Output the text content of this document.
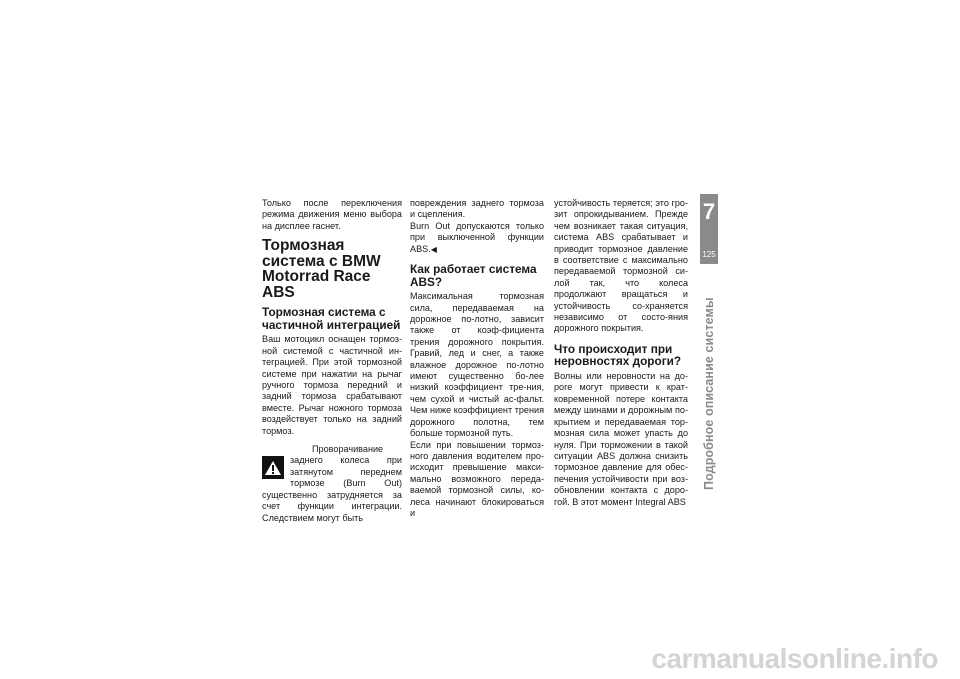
Только после переключения режима движения меню выбора на дисплее гаснет.

Тормозная система с BMW Motorrad Race ABS
Тормозная система с частичной интеграцией

Ваш мотоцикл оснащен тормоз-ной системой с частичной ин-теграцией. При этой тормозной системе при нажатии на рычаг ручного тормоза передний и задний тормоза срабатывают вместе. Рычаг ножного тормоза воздействует только на задний тормоз.

Проворачивание заднего колеса при затянутом переднем тормозе (Burn Out) существенно затрудняется за счет функции интеграции. Следствием могут быть

повреждения заднего тормоза и сцепления.

Burn Out допускаются только при выключенной функции ABS.◀

Как работает система ABS?

Максимальная тормозная сила, передаваемая на дорожное по-лотно, зависит также от коэф-фициента трения дорожного покрытия. Гравий, лед и снег, а также влажное дорожное по-лотно имеют существенно бо-лее низкий коэффициент тре-ния, чем сухой и чистый ас-фальт. Чем ниже коэффициент трения дорожного полотна, тем больше тормозной путь.

Если при повышении тормоз-ного давления водителем про-исходит превышение макси-мально возможного переда-ваемой тормозной силы, ко-леса начинают блокироваться и

устойчивость теряется; это гро-зит опрокидыванием. Прежде чем возникает такая ситуация, система ABS срабатывает и приводит тормозное давление в соответствие с максимально передаваемой тормозной си-лой так, что колеса продолжают вращаться и устойчивость со-храняется независимо от состо-яния дорожного покрытия.

Что происходит при неровностях дороги?

Волны или неровности на до-роге могут привести к крат-ковременной потере контакта между шинами и дорожным по-крытием и передаваемая тор-мозная сила может упасть до нуля. При торможении в такой ситуации ABS должна снизить тормозное давление для обес-печения устойчивости при воз-обновлении контакта с доро-гой. В этот момент Integral ABS

7
125
Подробное описание системы
carmanualsonline.info
